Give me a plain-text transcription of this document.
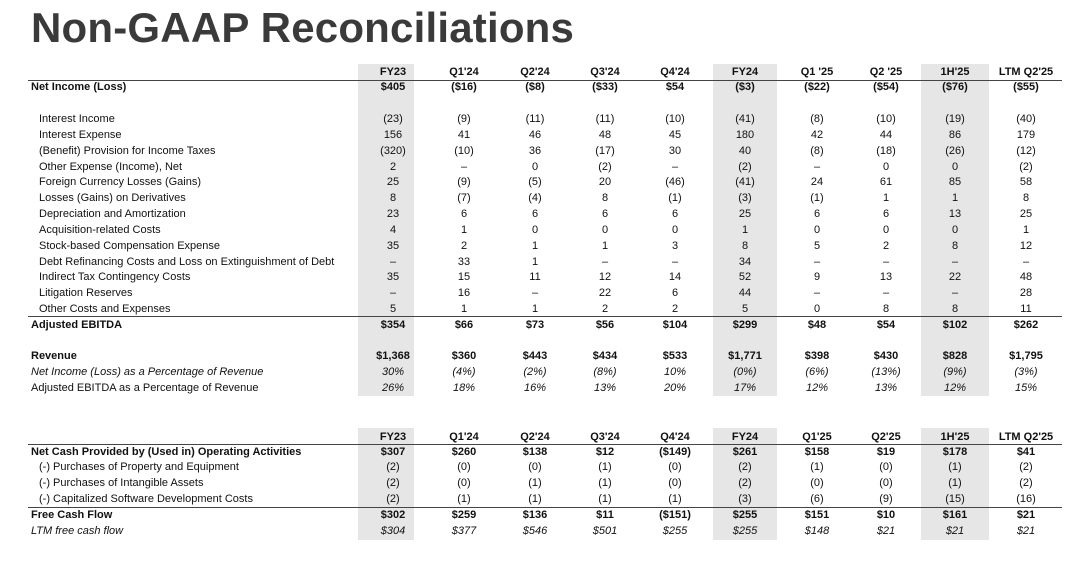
Non-GAAP Reconciliations
FY23	Q1'24	Q2'24	Q3'24	Q4'24	FY24	Q1 '25	Q2 '25	1H'25	LTM Q2'25
Net Income (Loss)	$405	($16)	($8)	($33)	$54	($3)	($22)	($54)	($76)	($55)
Interest Income	(23)	(9)	(11)	(11)	(10)	(41)	(8)	(10)	(19)	(40)
Interest Expense	156	41	46	48	45	180	42	44	86	179
(Benefit) Provision for Income Taxes	(320)	(10)	36	(17)	30	40	(8)	(18)	(26)	(12)
Other Expense (Income), Net	2	–	0	(2)	–	(2)	–	0	0	(2)
Foreign Currency Losses (Gains)	25	(9)	(5)	20	(46)	(41)	24	61	85	58
Losses (Gains) on Derivatives	8	(7)	(4)	8	(1)	(3)	(1)	1	1	8
Depreciation and Amortization	23	6	6	6	6	25	6	6	13	25
Acquisition-related Costs	4	1	0	0	0	1	0	0	0	1
Stock-based Compensation Expense	35	2	1	1	3	8	5	2	8	12
Debt Refinancing Costs and Loss on Extinguishment of Debt	–	33	1	–	–	34	–	–	–	–
Indirect Tax Contingency Costs	35	15	11	12	14	52	9	13	22	48
Litigation Reserves	–	16	–	22	6	44	–	–	–	28
Other Costs and Expenses	5	1	1	2	2	5	0	8	8	11
Adjusted EBITDA	$354	$66	$73	$56	$104	$299	$48	$54	$102	$262
Revenue	$1,368	$360	$443	$434	$533	$1,771	$398	$430	$828	$1,795
Net Income (Loss) as a Percentage of Revenue	30%	(4%)	(2%)	(8%)	10%	(0%)	(6%)	(13%)	(9%)	(3%)
Adjusted EBITDA as a Percentage of Revenue	26%	18%	16%	13%	20%	17%	12%	13%	12%	15%
FY23	Q1'24	Q2'24	Q3'24	Q4'24	FY24	Q1'25	Q2'25	1H'25	LTM Q2'25
Net Cash Provided by (Used in) Operating Activities	$307	$260	$138	$12	($149)	$261	$158	$19	$178	$41
(-) Purchases of Property and Equipment	(2)	(0)	(0)	(1)	(0)	(2)	(1)	(0)	(1)	(2)
(-) Purchases of Intangible Assets	(2)	(0)	(1)	(1)	(0)	(2)	(0)	(0)	(1)	(2)
(-) Capitalized Software Development Costs	(2)	(1)	(1)	(1)	(1)	(3)	(6)	(9)	(15)	(16)
Free Cash Flow	$302	$259	$136	$11	($151)	$255	$151	$10	$161	$21
LTM free cash flow	$304	$377	$546	$501	$255	$255	$148	$21	$21	$21
